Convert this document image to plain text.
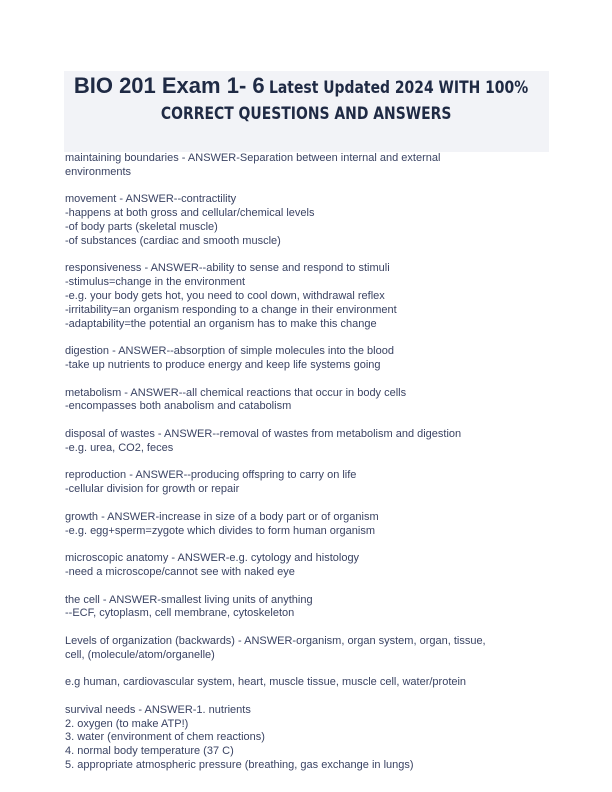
BIO 201 Exam 1- 6 Latest Updated 2024 WITH 100%
CORRECT QUESTIONS AND ANSWERS
maintaining boundaries - ANSWER-Separation between internal and external
environments
movement - ANSWER--contractility
-happens at both gross and cellular/chemical levels
-of body parts (skeletal muscle)
-of substances (cardiac and smooth muscle)
responsiveness - ANSWER--ability to sense and respond to stimuli
-stimulus=change in the environment
-e.g. your body gets hot, you need to cool down, withdrawal reflex
-irritability=an organism responding to a change in their environment
-adaptability=the potential an organism has to make this change
digestion - ANSWER--absorption of simple molecules into the blood
-take up nutrients to produce energy and keep life systems going
metabolism - ANSWER--all chemical reactions that occur in body cells
-encompasses both anabolism and catabolism
disposal of wastes - ANSWER--removal of wastes from metabolism and digestion
-e.g. urea, CO2, feces
reproduction - ANSWER--producing offspring to carry on life
-cellular division for growth or repair
growth - ANSWER-increase in size of a body part or of organism
-e.g. egg+sperm=zygote which divides to form human organism
microscopic anatomy - ANSWER-e.g. cytology and histology
-need a microscope/cannot see with naked eye
the cell - ANSWER-smallest living units of anything
--ECF, cytoplasm, cell membrane, cytoskeleton
Levels of organization (backwards) - ANSWER-organism, organ system, organ, tissue,
cell, (molecule/atom/organelle)
e.g human, cardiovascular system, heart, muscle tissue, muscle cell, water/protein
survival needs - ANSWER-1. nutrients
2. oxygen (to make ATP!)
3. water (environment of chem reactions)
4. normal body temperature (37 C)
5. appropriate atmospheric pressure (breathing, gas exchange in lungs)
